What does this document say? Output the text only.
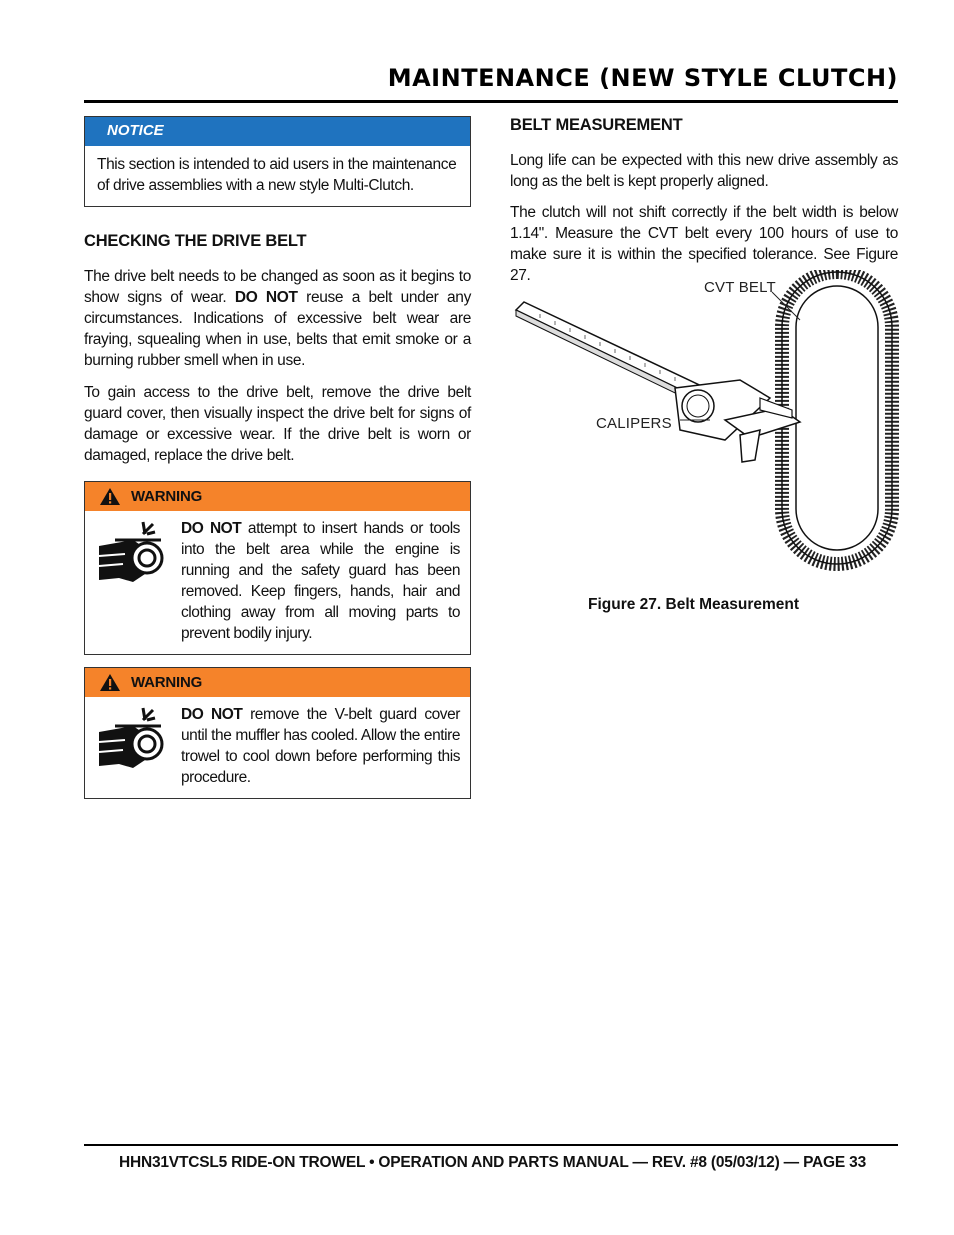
MAINTENANCE (NEW STYLE CLUTCH)
NOTICE
This section is intended to aid users in the maintenance of drive assemblies with a new style Multi-Clutch.
CHECKING THE DRIVE BELT

The drive belt needs to be changed as soon as it begins to show signs of wear. DO NOT reuse a belt under any circumstances. Indications of excessive belt wear are fraying, squealing when in use, belts that emit smoke or a burning rubber smell when in use.

To gain access to the drive belt, remove the drive belt guard cover, then visually inspect the drive belt for signs of damage or excessive wear. If the drive belt is worn or damaged, replace the drive belt.

WARNING
DO NOT attempt to insert hands or tools into the belt area while the engine is running and the safety guard has been removed. Keep fingers, hands, hair and clothing away from all moving parts to prevent bodily injury.
WARNING
DO NOT remove the V-belt guard cover until the muffler has cooled. Allow the entire trowel to cool down before performing this procedure.
BELT MEASUREMENT

Long life can be expected with this new drive assembly as long as the belt is kept properly aligned.

The clutch will not shift correctly if the belt width is below 1.14". Measure the CVT belt every 100 hours of use to make sure it is within the specified tolerance. See Figure 27.

CVT BELT
CALIPERS
Figure 27. Belt Measurement
HHN31VTCSL5 RIDE-ON TROWEL • OPERATION AND PARTS MANUAL — REV. #8 (05/03/12) — PAGE 33
